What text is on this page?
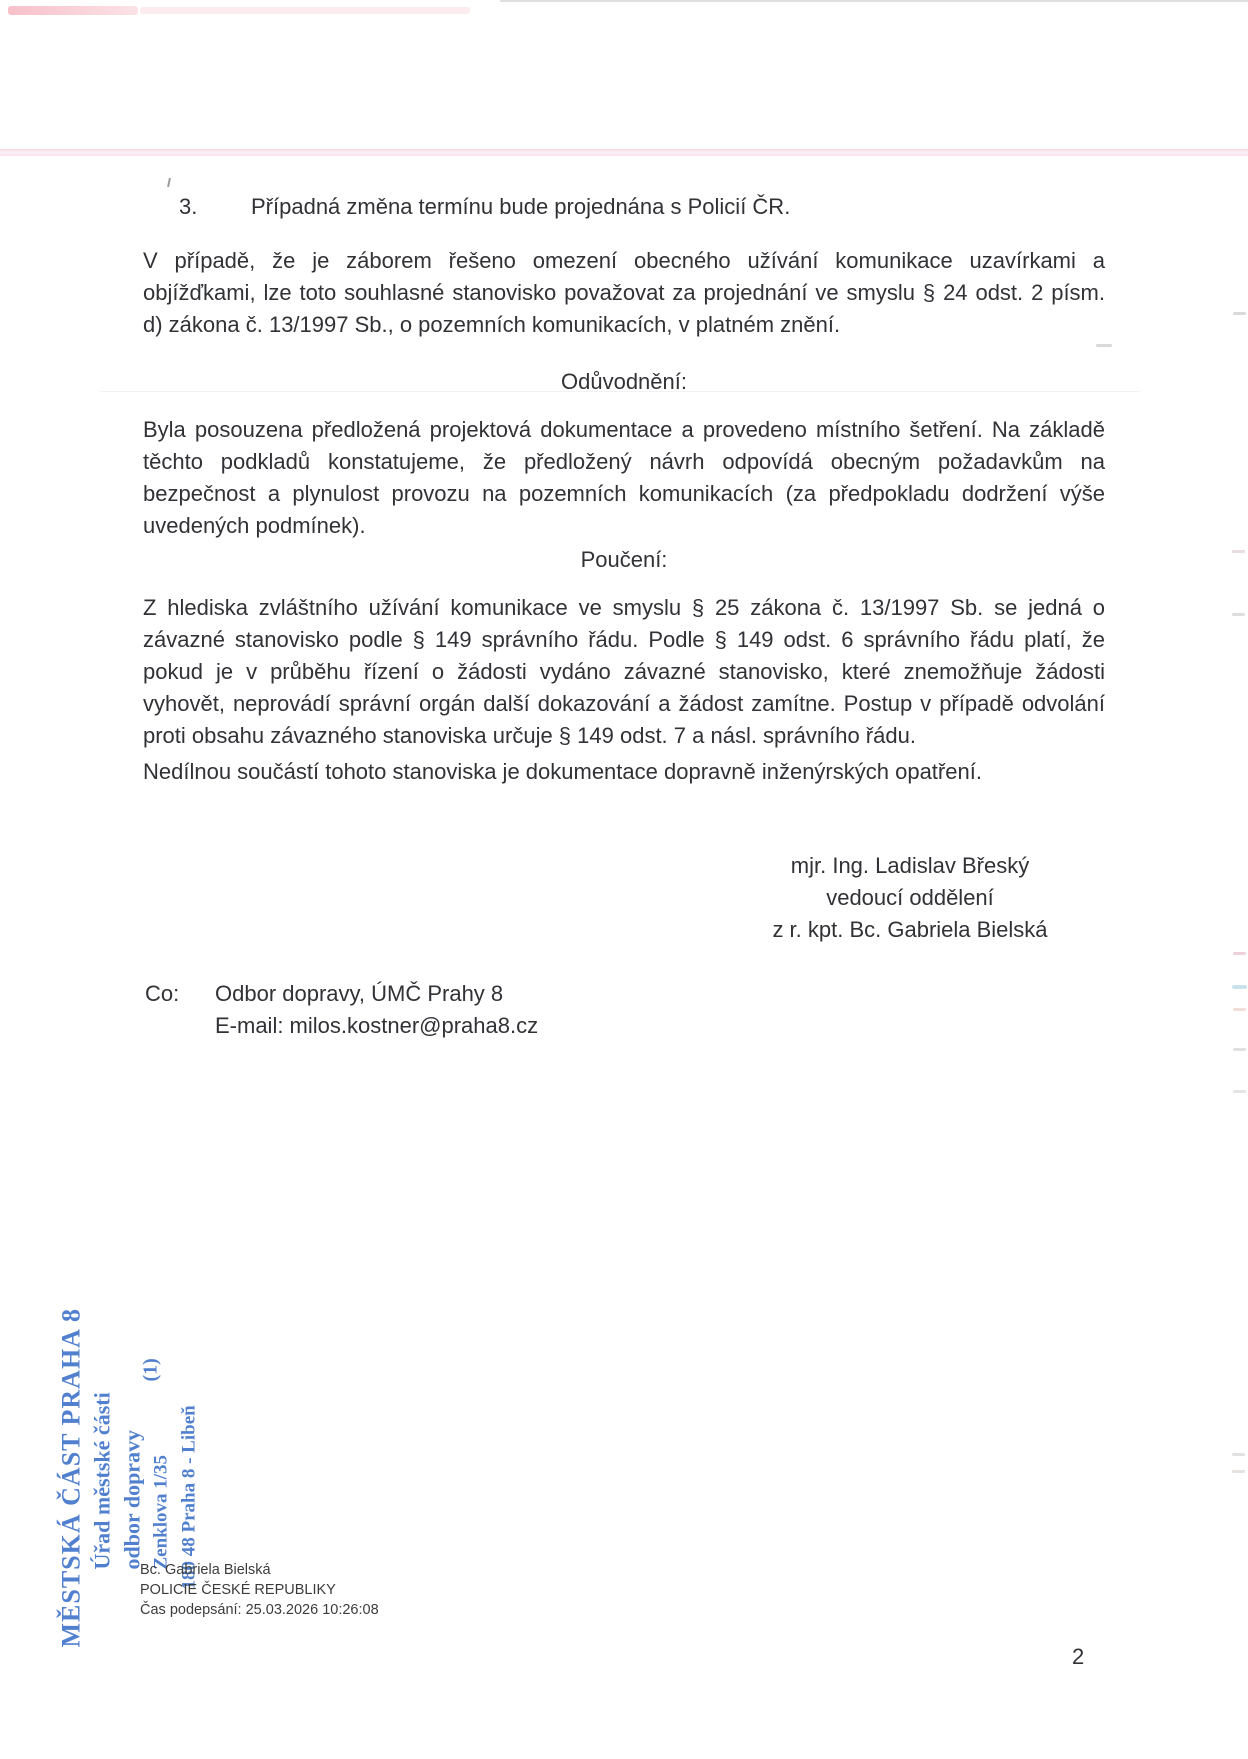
3. Případná změna termínu bude projednána s Policií ČR.
V případě, že je záborem řešeno omezení obecného užívání komunikace uzavírkami a objížďkami, lze toto souhlasné stanovisko považovat za projednání ve smyslu § 24 odst. 2 písm. d) zákona č. 13/1997 Sb., o pozemních komunikacích, v platném znění.
Odůvodnění:
Byla posouzena předložená projektová dokumentace a provedeno místního šetření. Na základě těchto podkladů konstatujeme, že předložený návrh odpovídá obecným požadavkům na bezpečnost a plynulost provozu na pozemních komunikacích (za předpokladu dodržení výše uvedených podmínek).
Poučení:
Z hlediska zvláštního užívání komunikace ve smyslu § 25 zákona č. 13/1997 Sb. se jedná o závazné stanovisko podle § 149 správního řádu. Podle § 149 odst. 6 správního řádu platí, že pokud je v průběhu řízení o žádosti vydáno závazné stanovisko, které znemožňuje žádosti vyhovět, neprovádí správní orgán další dokazování a žádost zamítne. Postup v případě odvolání proti obsahu závazného stanoviska určuje § 149 odst. 7 a násl. správního řádu.
Nedílnou součástí tohoto stanoviska je dokumentace dopravně inženýrských opatření.
mjr. Ing. Ladislav Břeský
vedoucí oddělení
z r. kpt. Bc. Gabriela Bielská
Co: Odbor dopravy, ÚMČ Prahy 8
E-mail: milos.kostner@praha8.cz
MĚSTSKÁ ČÁST PRAHA 8 Úřad městské části odbor dopravy Zenklova 1/35 180 48 Praha 8 - Libeň
(1)
Bc. Gabriela Bielská
POLICIE ČESKÉ REPUBLIKY
Čas podepsání: 25.03.2026 10:26:08
2
